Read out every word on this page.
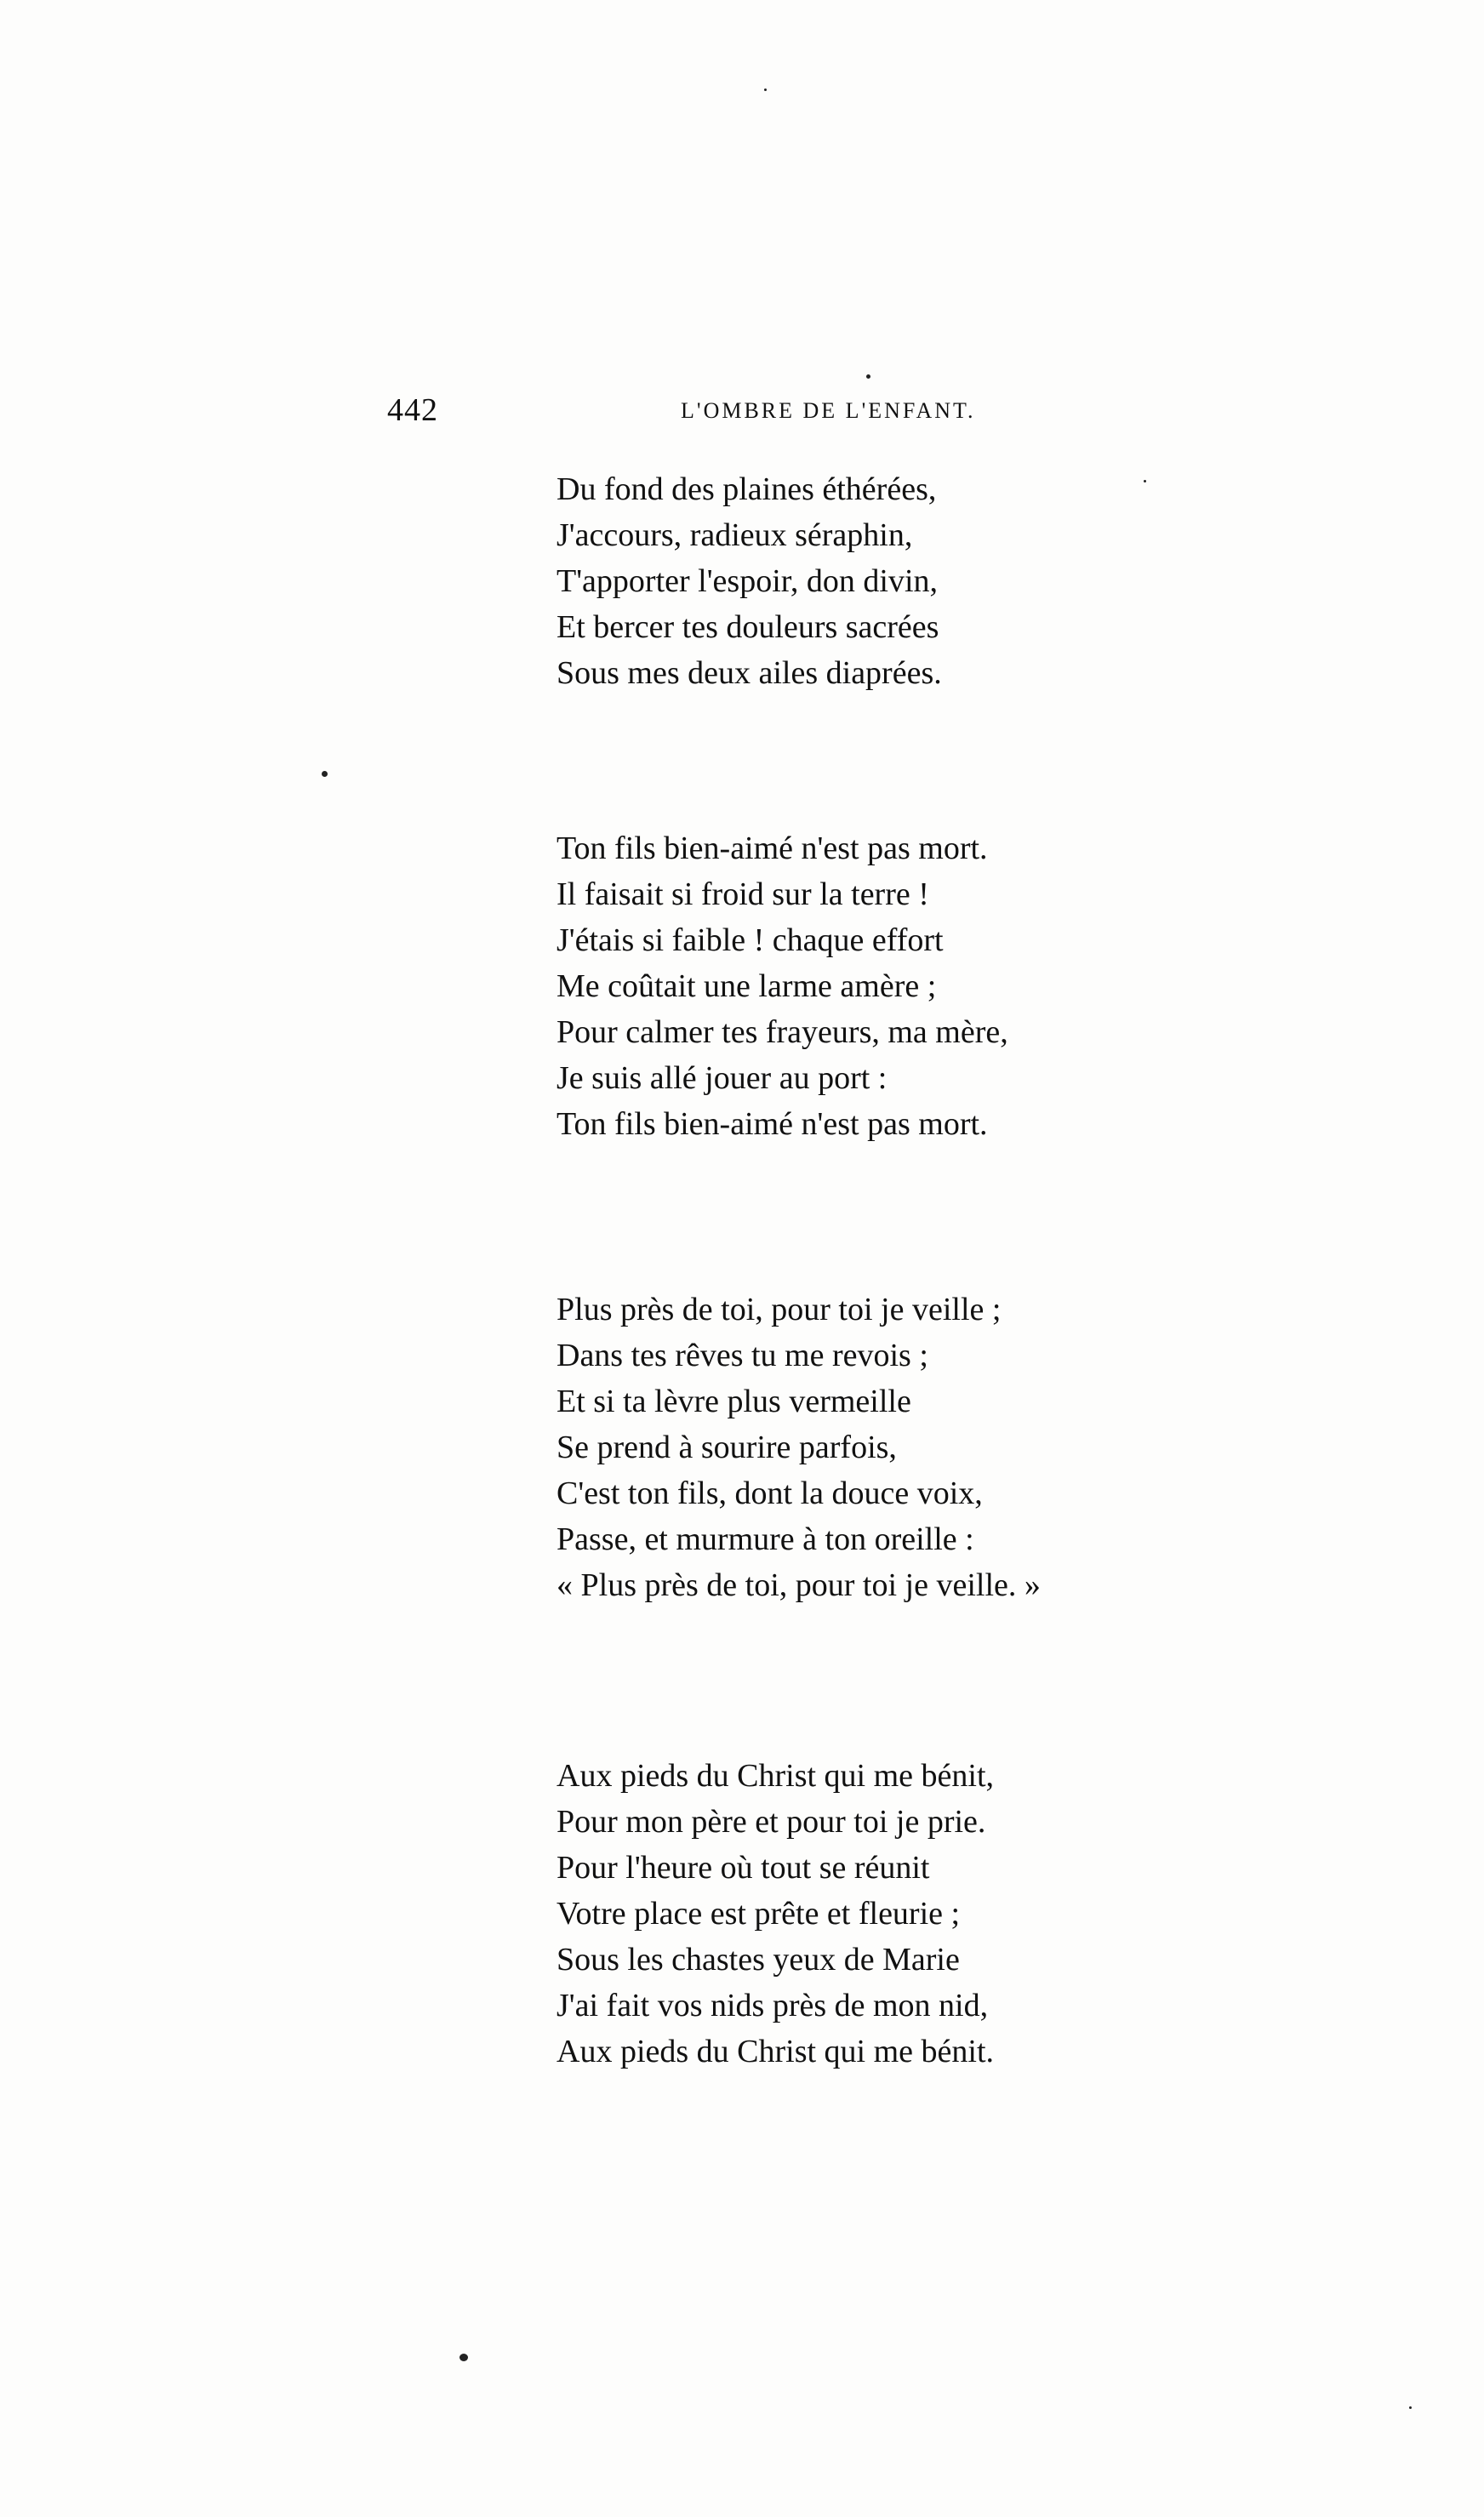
442	L'OMBRE DE L'ENFANT.
Du fond des plaines éthérées,
J'accours, radieux séraphin,
T'apporter l'espoir, don divin,
Et bercer tes douleurs sacrées
Sous mes deux ailes diaprées.
Ton fils bien-aimé n'est pas mort.
Il faisait si froid sur la terre !
J'étais si faible ! chaque effort
Me coûtait une larme amère ;
Pour calmer tes frayeurs, ma mère,
Je suis allé jouer au port :
Ton fils bien-aimé n'est pas mort.
Plus près de toi, pour toi je veille ;
Dans tes rêves tu me revois ;
Et si ta lèvre plus vermeille
Se prend à sourire parfois,
C'est ton fils, dont la douce voix,
Passe, et murmure à ton oreille :
« Plus près de toi, pour toi je veille. »
Aux pieds du Christ qui me bénit,
Pour mon père et pour toi je prie.
Pour l'heure où tout se réunit
Votre place est prête et fleurie ;
Sous les chastes yeux de Marie
J'ai fait vos nids près de mon nid,
Aux pieds du Christ qui me bénit.
